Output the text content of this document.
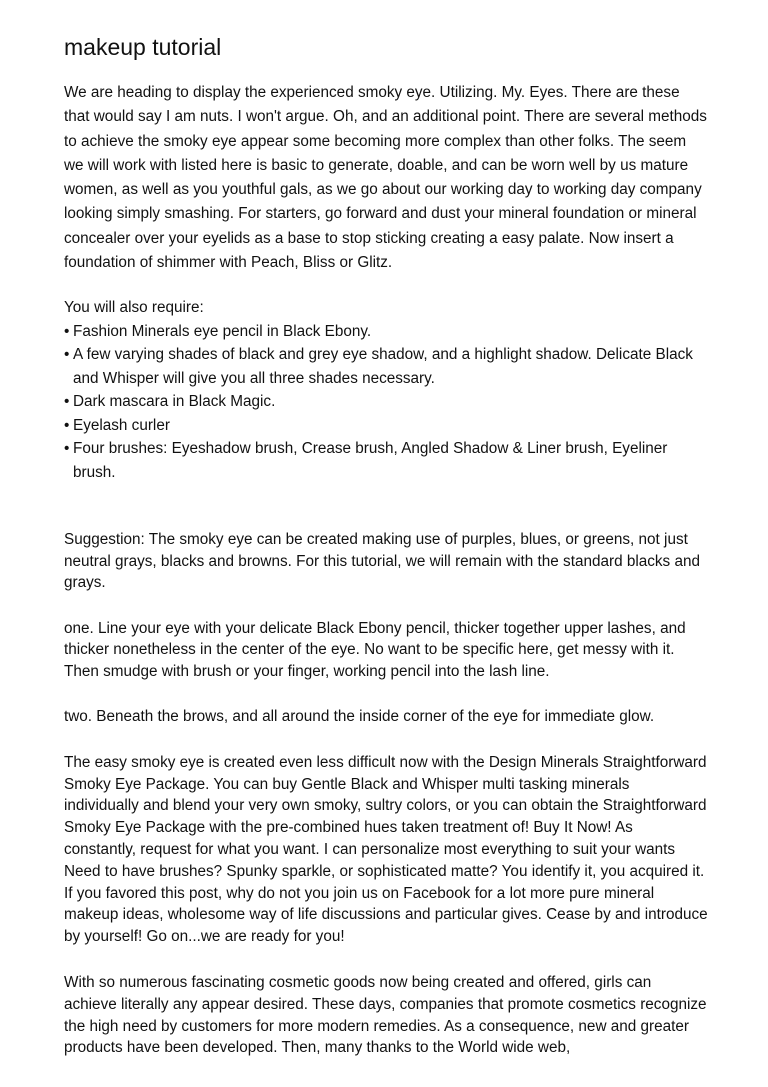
makeup tutorial

We are heading to display the experienced smoky eye. Utilizing. My. Eyes. There are these that would say I am nuts. I won't argue. Oh, and an additional point. There are several methods to achieve the smoky eye appear some becoming more complex than other folks. The seem we will work with listed here is basic to generate, doable, and can be worn well by us mature women, as well as you youthful gals, as we go about our working day to working day company looking simply smashing. For starters, go forward and dust your mineral foundation or mineral concealer over your eyelids as a base to stop sticking creating a easy palate. Now insert a foundation of shimmer with Peach, Bliss or Glitz.

You will also require:

• Fashion Minerals eye pencil in Black Ebony.
• A few varying shades of black and grey eye shadow, and a highlight shadow. Delicate Black and Whisper will give you all three shades necessary.
• Dark mascara in Black Magic.
• Eyelash curler
• Four brushes: Eyeshadow brush, Crease brush, Angled Shadow & Liner brush, Eyeliner brush.

Suggestion: The smoky eye can be created making use of purples, blues, or greens, not just neutral grays, blacks and browns. For this tutorial, we will remain with the standard blacks and grays.

one. Line your eye with your delicate Black Ebony pencil, thicker together upper lashes, and thicker nonetheless in the center of the eye. No want to be specific here, get messy with it. Then smudge with brush or your finger, working pencil into the lash line.

two. Beneath the brows, and all around the inside corner of the eye for immediate glow.

The easy smoky eye is created even less difficult now with the Design Minerals Straightforward Smoky Eye Package. You can buy Gentle Black and Whisper multi tasking minerals individually and blend your very own smoky, sultry colors, or you can obtain the Straightforward Smoky Eye Package with the pre-combined hues taken treatment of! Buy It Now! As constantly, request for what you want. I can personalize most everything to suit your wants Need to have brushes? Spunky sparkle, or sophisticated matte? You identify it, you acquired it. If you favored this post, why do not you join us on Facebook for a lot more pure mineral makeup ideas, wholesome way of life discussions and particular gives. Cease by and introduce by yourself! Go on...we are ready for you!

With so numerous fascinating cosmetic goods now being created and offered, girls can achieve literally any appear desired. These days, companies that promote cosmetics recognize the high need by customers for more modern remedies. As a consequence, new and greater products have been developed. Then, many thanks to the World wide web,
